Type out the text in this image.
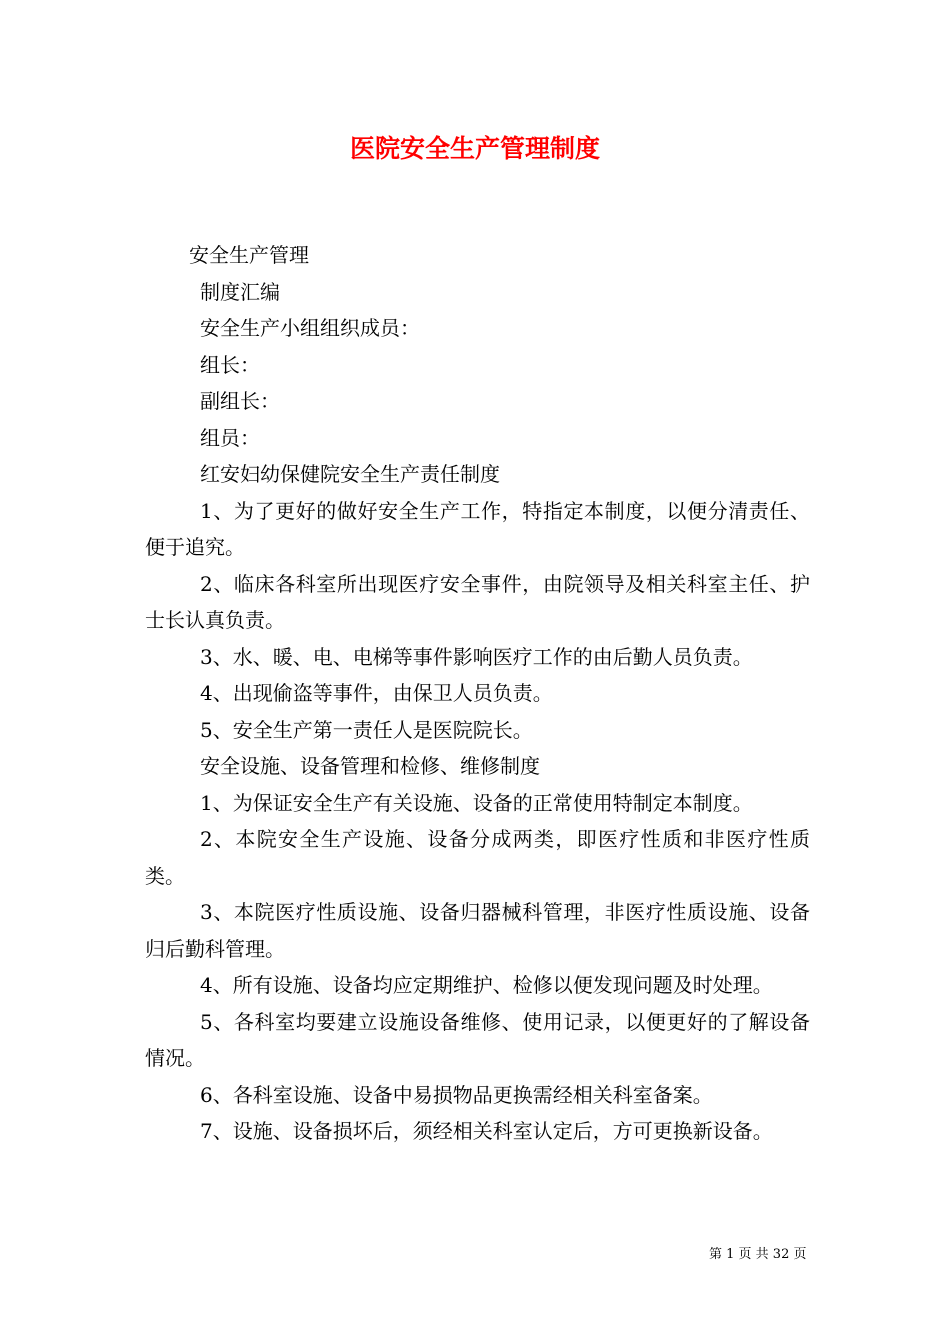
医院安全生产管理制度
安全生产管理
制度汇编
安全生产小组组织成员：
组长：
副组长：
组员：
红安妇幼保健院安全生产责任制度

1、为了更好的做好安全生产工作，特指定本制度，以便分清责任、便于追究。

2、临床各科室所出现医疗安全事件，由院领导及相关科室主任、护士长认真负责。

3、水、暖、电、电梯等事件影响医疗工作的由后勤人员负责。

4、出现偷盗等事件，由保卫人员负责。

5、安全生产第一责任人是医院院长。

安全设施、设备管理和检修、维修制度

1、为保证安全生产有关设施、设备的正常使用特制定本制度。

2、本院安全生产设施、设备分成两类，即医疗性质和非医疗性质类。

3、本院医疗性质设施、设备归器械科管理，非医疗性质设施、设备归后勤科管理。

4、所有设施、设备均应定期维护、检修以便发现问题及时处理。

5、各科室均要建立设施设备维修、使用记录，以便更好的了解设备情况。

6、各科室设施、设备中易损物品更换需经相关科室备案。

7、设施、设备损坏后，须经相关科室认定后，方可更换新设备。

第 1 页 共 32 页
